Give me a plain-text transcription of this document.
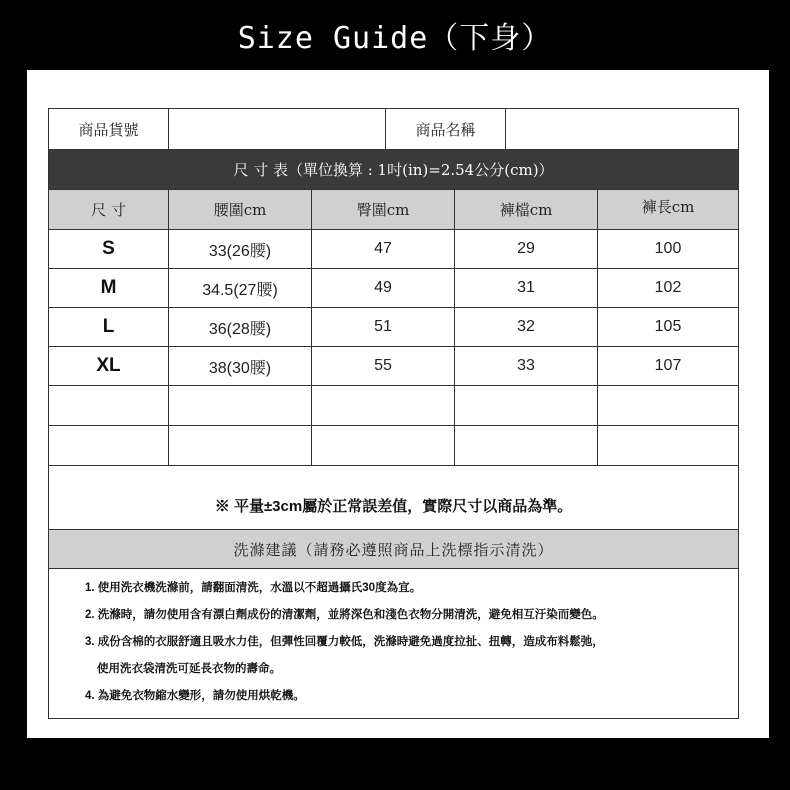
Size Guide（下身）
商品貨號	商品名稱
尺 寸 表（單位換算 : 1吋(in)=2.54公分(cm)）
尺 寸	腰圍cm	臀圍cm	褲檔cm	褲長cm
S	33(26腰)	47	29	100
M	34.5(27腰)	49	31	102
L	36(28腰)	51	32	105
XL	38(30腰)	55	33	107
※ 平量±3cm屬於正常誤差值，實際尺寸以商品為準。
洗滌建議（請務必遵照商品上洗標指示清洗）
1. 使用洗衣機洗滌前，請翻面清洗，水溫以不超過攝氏30度為宜。
2. 洗滌時，請勿使用含有漂白劑成份的清潔劑，並將深色和淺色衣物分開清洗，避免相互汙染而變色。
3. 成份含棉的衣服舒適且吸水力佳，但彈性回覆力較低，洗滌時避免過度拉扯、扭轉，造成布料鬆弛，
使用洗衣袋清洗可延長衣物的壽命。
4. 為避免衣物縮水變形，請勿使用烘乾機。
